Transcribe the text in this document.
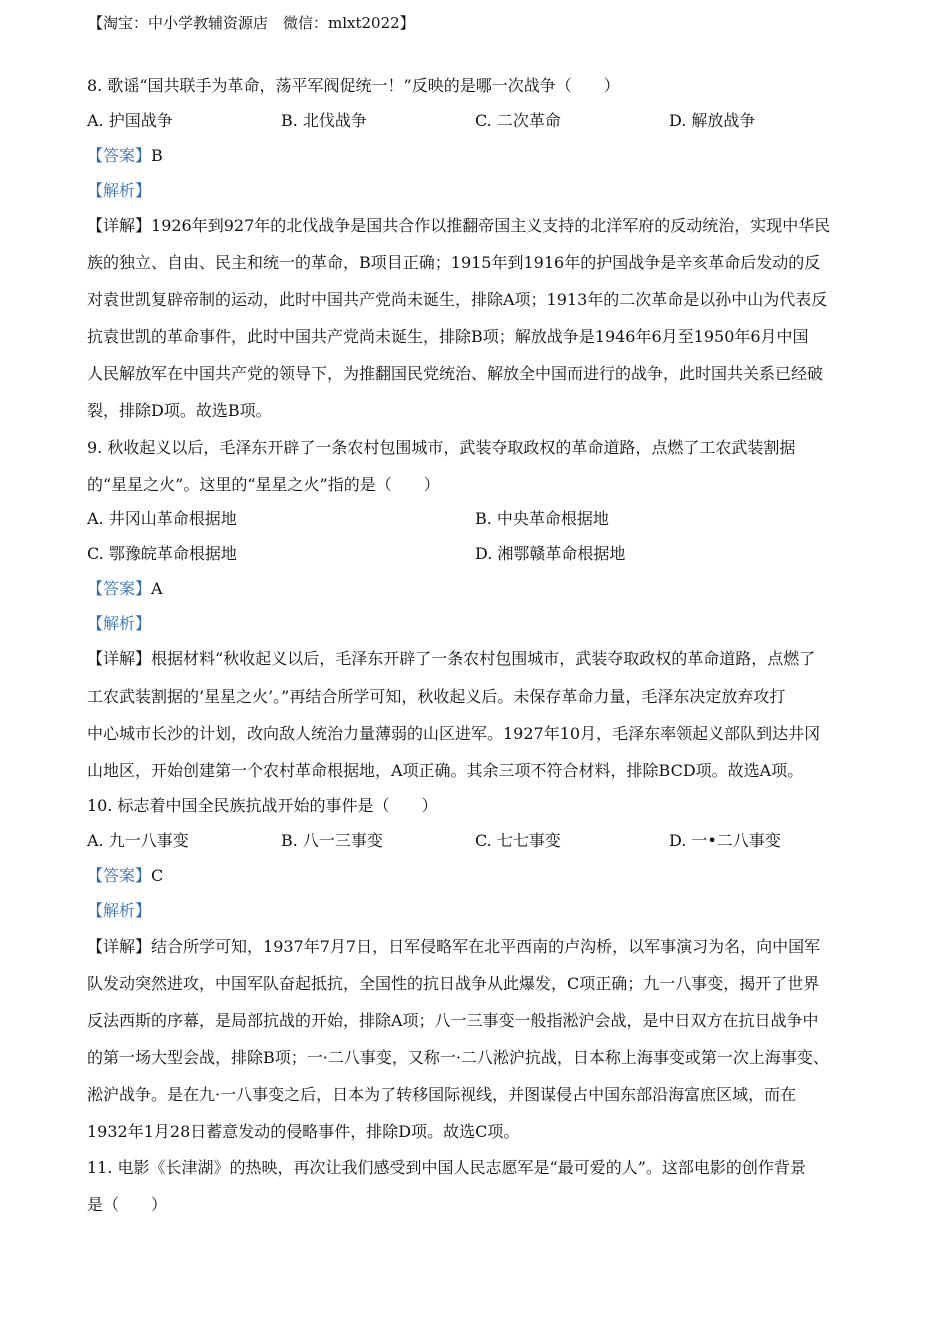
【淘宝：中小学教辅资源店　微信：mlxt2022】
8. 歌谣“国共联手为革命，荡平军阀促统一！”反映的是哪一次战争（　　）
A. 护国战争	B. 北伐战争	C. 二次革命	D. 解放战争
【答案】B
【解析】
【详解】1926年到927年的北伐战争是国共合作以推翻帝国主义支持的北洋军府的反动统治，实现中华民
族的独立、自由、民主和统一的革命，B项目正确；1915年到1916年的护国战争是辛亥革命后发动的反
对袁世凯复辟帝制的运动，此时中国共产党尚未诞生，排除A项；1913年的二次革命是以孙中山为代表反
抗袁世凯的革命事件，此时中国共产党尚未诞生，排除B项；解放战争是1946年6月至1950年6月中国
人民解放军在中国共产党的领导下，为推翻国民党统治、解放全中国而进行的战争，此时国共关系已经破
裂，排除D项。故选B项。
9. 秋收起义以后，毛泽东开辟了一条农村包围城市，武装夺取政权的革命道路，点燃了工农武装割据
的“星星之火”。这里的“星星之火”指的是（　　）
A. 井冈山革命根据地	B. 中央革命根据地
C. 鄂豫皖革命根据地	D. 湘鄂赣革命根据地
【答案】A
【解析】
【详解】根据材料“秋收起义以后，毛泽东开辟了一条农村包围城市，武装夺取政权的革命道路，点燃了
工农武装割据的‘星星之火’。”再结合所学可知，秋收起义后。未保存革命力量，毛泽东决定放弃攻打
中心城市长沙的计划，改向敌人统治力量薄弱的山区进军。1927年10月，毛泽东率领起义部队到达井冈
山地区，开始创建第一个农村革命根据地，A项正确。其余三项不符合材料，排除BCD项。故选A项。
10. 标志着中国全民族抗战开始的事件是（　　）
A. 九一八事变	B. 八一三事变	C. 七七事变	D. 一•二八事变
【答案】C
【解析】
【详解】结合所学可知，1937年7月7日，日军侵略军在北平西南的卢沟桥，以军事演习为名，向中国军
队发动突然进攻，中国军队奋起抵抗，全国性的抗日战争从此爆发，C项正确；九一八事变，揭开了世界
反法西斯的序幕，是局部抗战的开始，排除A项；八一三事变一般指淞沪会战，是中日双方在抗日战争中
的第一场大型会战，排除B项；一·二八事变，又称一·二八淞沪抗战，日本称上海事变或第一次上海事变、
淞沪战争。是在九·一八事变之后，日本为了转移国际视线，并图谋侵占中国东部沿海富庶区域，而在
1932年1月28日蓄意发动的侵略事件，排除D项。故选C项。
11. 电影《长津湖》的热映，再次让我们感受到中国人民志愿军是“最可爱的人”。这部电影的创作背景
是（　　）
